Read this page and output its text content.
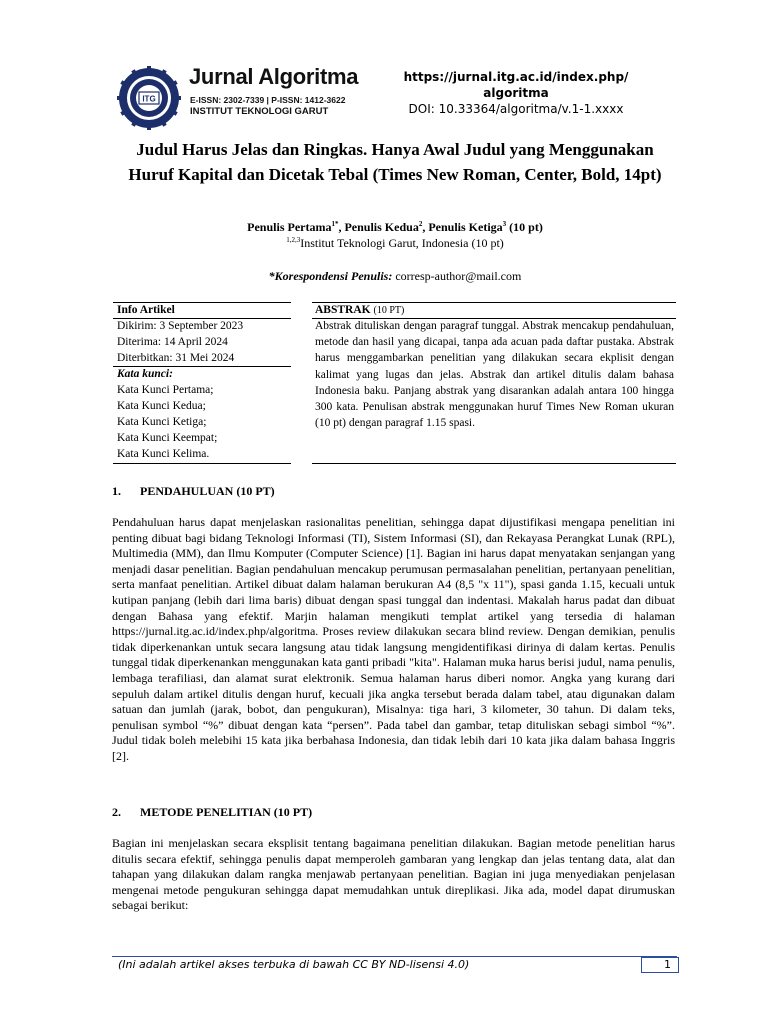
ITG
Jurnal Algoritma
E-ISSN: 2302-7339 | P-ISSN: 1412-3622
INSTITUT TEKNOLOGI GARUT
https://jurnal.itg.ac.id/index.php/
algoritma
DOI: 10.33364/algoritma/v.1-1.xxxx
Judul Harus Jelas dan Ringkas. Hanya Awal Judul yang Menggunakan Huruf Kapital dan Dicetak Tebal (Times New Roman, Center, Bold, 14pt)
Penulis Pertama$^{1*}$, Penulis Kedua$^2$, Penulis Ketiga$^3$ (10 pt)
$^{1,2,3}$Institut Teknologi Garut, Indonesia (10 pt)
*Korespondensi Penulis: corresp-author@mail.com
Info Artikel
Dikirim: 3 September 2023
Diterima: 14 April 2024
Diterbitkan: 31 Mei 2024
Kata kunci:
Kata Kunci Pertama;
Kata Kunci Kedua;
Kata Kunci Ketiga;
Kata Kunci Keempat;
Kata Kunci Kelima.
ABSTRAK (10 PT)
Abstrak dituliskan dengan paragraf tunggal. Abstrak mencakup pendahuluan, metode dan hasil yang dicapai, tanpa ada acuan pada daftar pustaka. Abstrak harus menggambarkan penelitian yang dilakukan secara ekplisit dengan kalimat yang lugas dan jelas. Abstrak dan artikel ditulis dalam bahasa Indonesia baku. Panjang abstrak yang disarankan adalah antara 100 hingga 300 kata. Penulisan abstrak menggunakan huruf Times New Roman ukuran (10 pt) dengan paragraf 1.15 spasi.
1. PENDAHULUAN (10 PT)
Pendahuluan harus dapat menjelaskan rasionalitas penelitian, sehingga dapat dijustifikasi mengapa penelitian ini penting dibuat bagi bidang Teknologi Informasi (TI), Sistem Informasi (SI), dan Rekayasa Perangkat Lunak (RPL), Multimedia (MM), dan Ilmu Komputer (Computer Science) [1]. Bagian ini harus dapat menyatakan senjangan yang menjadi dasar penelitian. Bagian pendahuluan mencakup perumusan permasalahan penelitian, pertanyaan penelitian, serta manfaat penelitian. Artikel dibuat dalam halaman berukuran A4 (8,5 "x 11"), spasi ganda 1.15, kecuali untuk kutipan panjang (lebih dari lima baris) dibuat dengan spasi tunggal dan indentasi. Makalah harus padat dan dibuat dengan Bahasa yang efektif. Marjin halaman mengikuti templat artikel yang tersedia di halaman https://jurnal.itg.ac.id/index.php/algoritma. Proses review dilakukan secara blind review. Dengan demikian, penulis tidak diperkenankan untuk secara langsung atau tidak langsung mengidentifikasi dirinya di dalam kertas. Penulis tunggal tidak diperkenankan menggunakan kata ganti pribadi "kita". Halaman muka harus berisi judul, nama penulis, lembaga terafiliasi, dan alamat surat elektronik. Semua halaman harus diberi nomor. Angka yang kurang dari sepuluh dalam artikel ditulis dengan huruf, kecuali jika angka tersebut berada dalam tabel, atau digunakan dalam satuan dan jumlah (jarak, bobot, dan pengukuran), Misalnya: tiga hari, 3 kilometer, 30 tahun. Di dalam teks, penulisan symbol “%” dibuat dengan kata “persen”. Pada tabel dan gambar, tetap dituliskan sebagi simbol “%”. Judul tidak boleh melebihi 15 kata jika berbahasa Indonesia, dan tidak lebih dari 10 kata jika dalam bahasa Inggris [2].
2. METODE PENELITIAN (10 PT)
Bagian ini menjelaskan secara eksplisit tentang bagaimana penelitian dilakukan. Bagian metode penelitian harus ditulis secara efektif, sehingga penulis dapat memperoleh gambaran yang lengkap dan jelas tentang data, alat dan tahapan yang dilakukan dalam rangka menjawab pertanyaan penelitian. Bagian ini juga menyediakan penjelasan mengenai metode pengukuran sehingga dapat memudahkan untuk direplikasi. Jika ada, model dapat dirumuskan sebagai berikut:
(Ini adalah artikel akses terbuka di bawah CC BY ND-lisensi 4.0)	1
